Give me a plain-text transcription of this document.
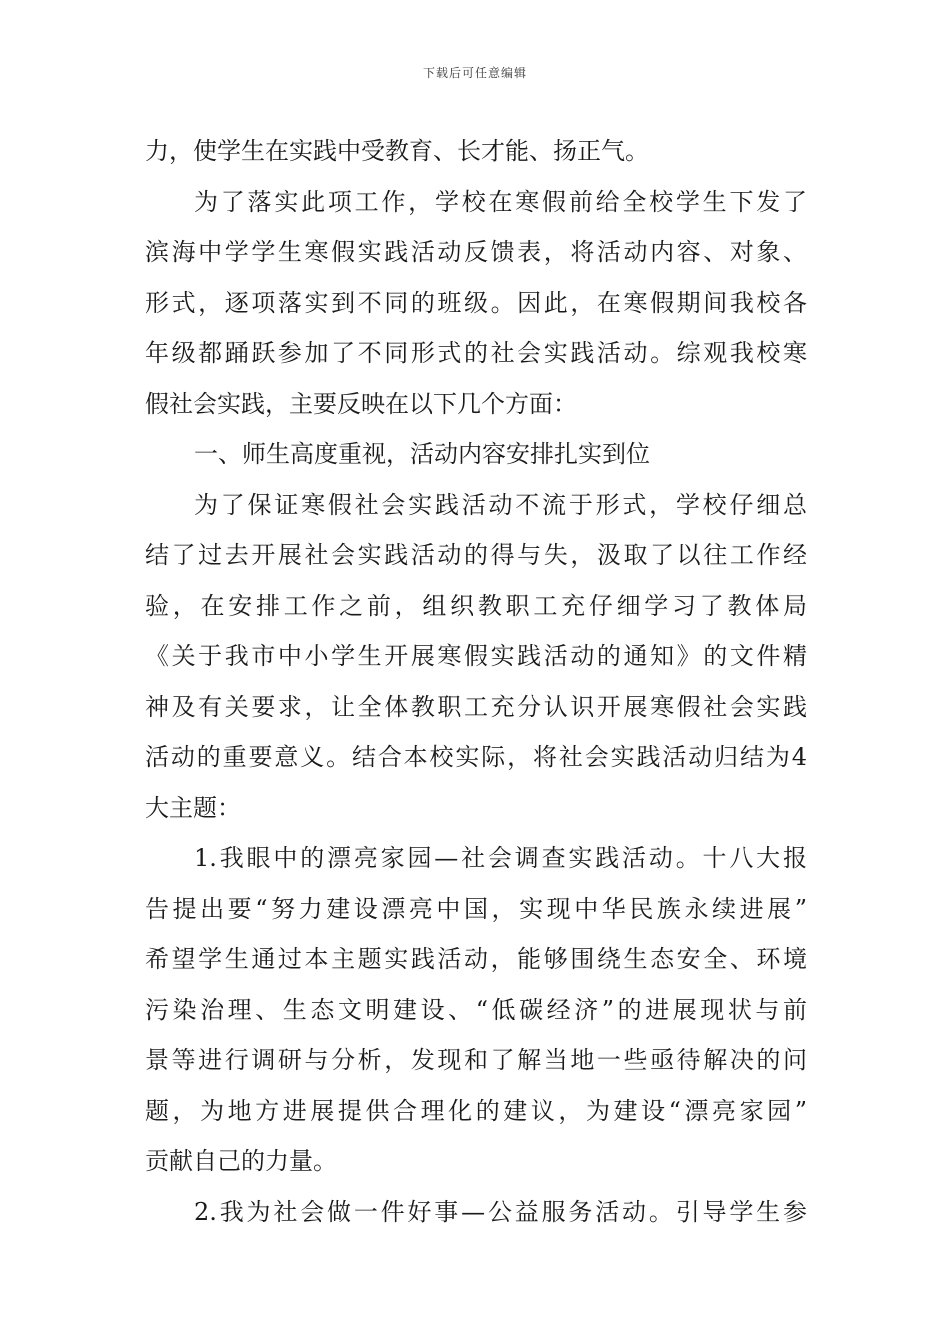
下载后可任意编辑
力，使学生在实践中受教育、长才能、扬正气。
为了落实此项工作，学校在寒假前给全校学生下发了
滨海中学学生寒假实践活动反馈表，将活动内容、对象、
形式，逐项落实到不同的班级。因此，在寒假期间我校各
年级都踊跃参加了不同形式的社会实践活动。综观我校寒
假社会实践，主要反映在以下几个方面：
一、师生高度重视，活动内容安排扎实到位
为了保证寒假社会实践活动不流于形式，学校仔细总
结了过去开展社会实践活动的得与失，汲取了以往工作经
验，在安排工作之前，组织教职工充仔细学习了教体局
《关于我市中小学生开展寒假实践活动的通知》的文件精
神及有关要求，让全体教职工充分认识开展寒假社会实践
活动的重要意义。结合本校实际，将社会实践活动归结为4
大主题：
1.我眼中的漂亮家园—社会调查实践活动。十八大报
告提出要“努力建设漂亮中国，实现中华民族永续进展”
希望学生通过本主题实践活动，能够围绕生态安全、环境
污染治理、生态文明建设、“低碳经济”的进展现状与前
景等进行调研与分析，发现和了解当地一些亟待解决的问
题，为地方进展提供合理化的建议，为建设“漂亮家园”
贡献自己的力量。
2.我为社会做一件好事—公益服务活动。引导学生参
